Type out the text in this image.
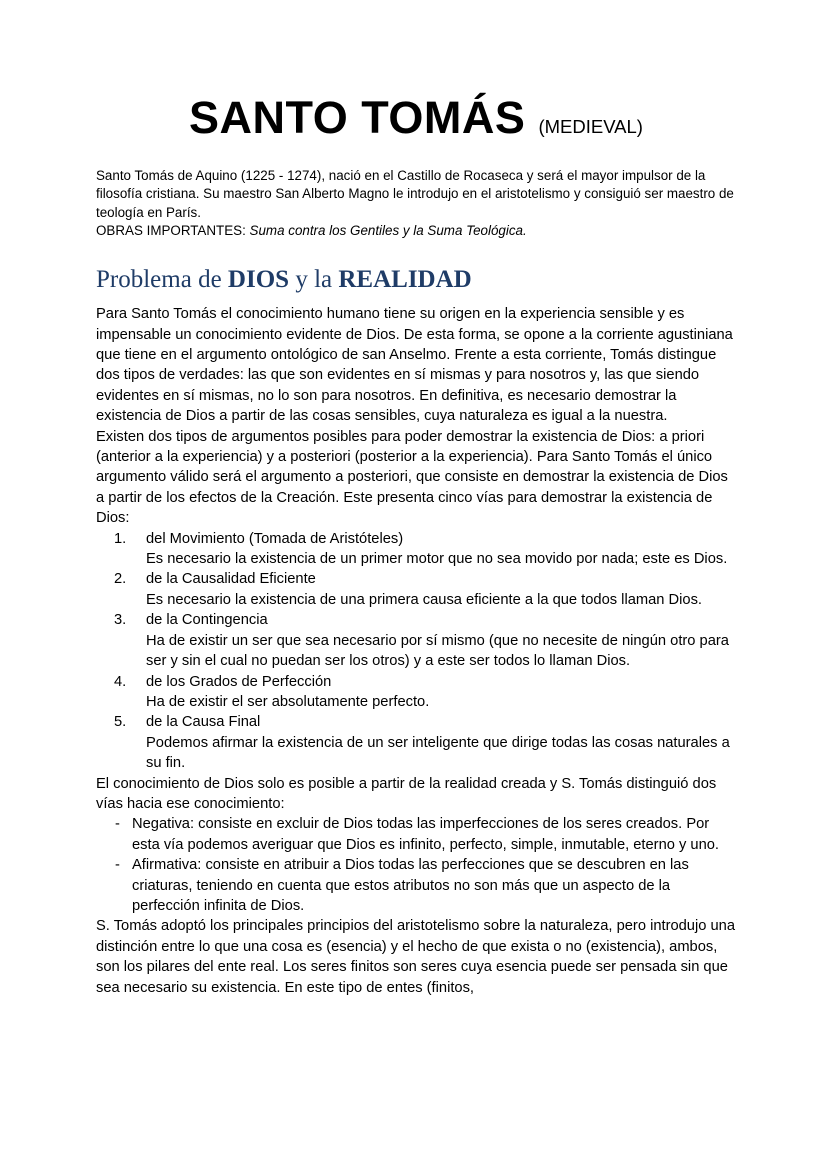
SANTO TOMÁS (MEDIEVAL)

Santo Tomás de Aquino (1225 - 1274), nació en el Castillo de Rocaseca y será el mayor impulsor de la filosofía cristiana. Su maestro San Alberto Magno le introdujo en el aristotelismo y consiguió ser maestro de teología en París.

OBRAS IMPORTANTES: Suma contra los Gentiles y la Suma Teológica.

Problema de DIOS y la REALIDAD

Para Santo Tomás el conocimiento humano tiene su origen en la experiencia sensible y es impensable un conocimiento evidente de Dios. De esta forma, se opone a la corriente agustiniana que tiene en el argumento ontológico de san Anselmo. Frente a esta corriente, Tomás distingue dos tipos de verdades: las que son evidentes en sí mismas y para nosotros y, las que siendo evidentes en sí mismas, no lo son para nosotros. En definitiva, es necesario demostrar la existencia de Dios a partir de las cosas sensibles, cuya naturaleza es igual a la nuestra.

Existen dos tipos de argumentos posibles para poder demostrar la existencia de Dios: a priori (anterior a la experiencia) y a posteriori (posterior a la experiencia). Para Santo Tomás el único argumento válido será el argumento a posteriori, que consiste en demostrar la existencia de Dios a partir de los efectos de la Creación. Este presenta cinco vías para demostrar la existencia de Dios:

1. del Movimiento (Tomada de Aristóteles)
Es necesario la existencia de un primer motor que no sea movido por nada; este es Dios.
2. de la Causalidad Eficiente
Es necesario la existencia de una primera causa eficiente a la que todos llaman Dios.
3. de la Contingencia
Ha de existir un ser que sea necesario por sí mismo (que no necesite de ningún otro para ser y sin el cual no puedan ser los otros) y a este ser todos lo llaman Dios.
4. de los Grados de Perfección
Ha de existir el ser absolutamente perfecto.
5. de la Causa Final
Podemos afirmar la existencia de un ser inteligente que dirige todas las cosas naturales a su fin.

El conocimiento de Dios solo es posible a partir de la realidad creada y S. Tomás distinguió dos vías hacia ese conocimiento:

- Negativa: consiste en excluir de Dios todas las imperfecciones de los seres creados. Por esta vía podemos averiguar que Dios es infinito, perfecto, simple, inmutable, eterno y uno.
- Afirmativa: consiste en atribuir a Dios todas las perfecciones que se descubren en las criaturas, teniendo en cuenta que estos atributos no son más que un aspecto de la perfección infinita de Dios.

S. Tomás adoptó los principales principios del aristotelismo sobre la naturaleza, pero introdujo una distinción entre lo que una cosa es (esencia) y el hecho de que exista o no (existencia), ambos, son los pilares del ente real. Los seres finitos son seres cuya esencia puede ser pensada sin que sea necesario su existencia. En este tipo de entes (finitos,
